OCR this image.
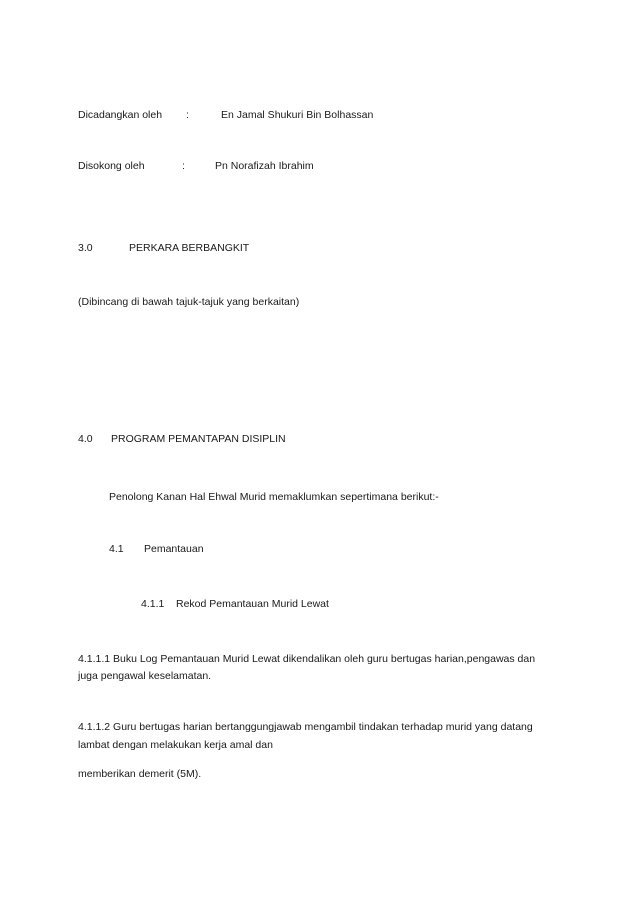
Dicadangkan oleh :	En Jamal Shukuri Bin Bolhassan
Disokong oleh	:	Pn Norafizah Ibrahim
3.0	PERKARA BERBANGKIT
(Dibincang di bawah tajuk-tajuk yang berkaitan)
4.0 PROGRAM PEMANTAPAN DISIPLIN
Penolong Kanan Hal Ehwal Murid memaklumkan sepertimana berikut:-
4.1 Pemantauan
4.1.1 Rekod Pemantauan Murid Lewat
4.1.1.1 Buku Log Pemantauan Murid Lewat dikendalikan oleh guru bertugas harian,pengawas dan
juga pengawal keselamatan.
4.1.1.2 Guru bertugas harian bertanggungjawab mengambil tindakan terhadap murid yang datang
lambat dengan melakukan kerja amal dan
memberikan demerit (5M).
